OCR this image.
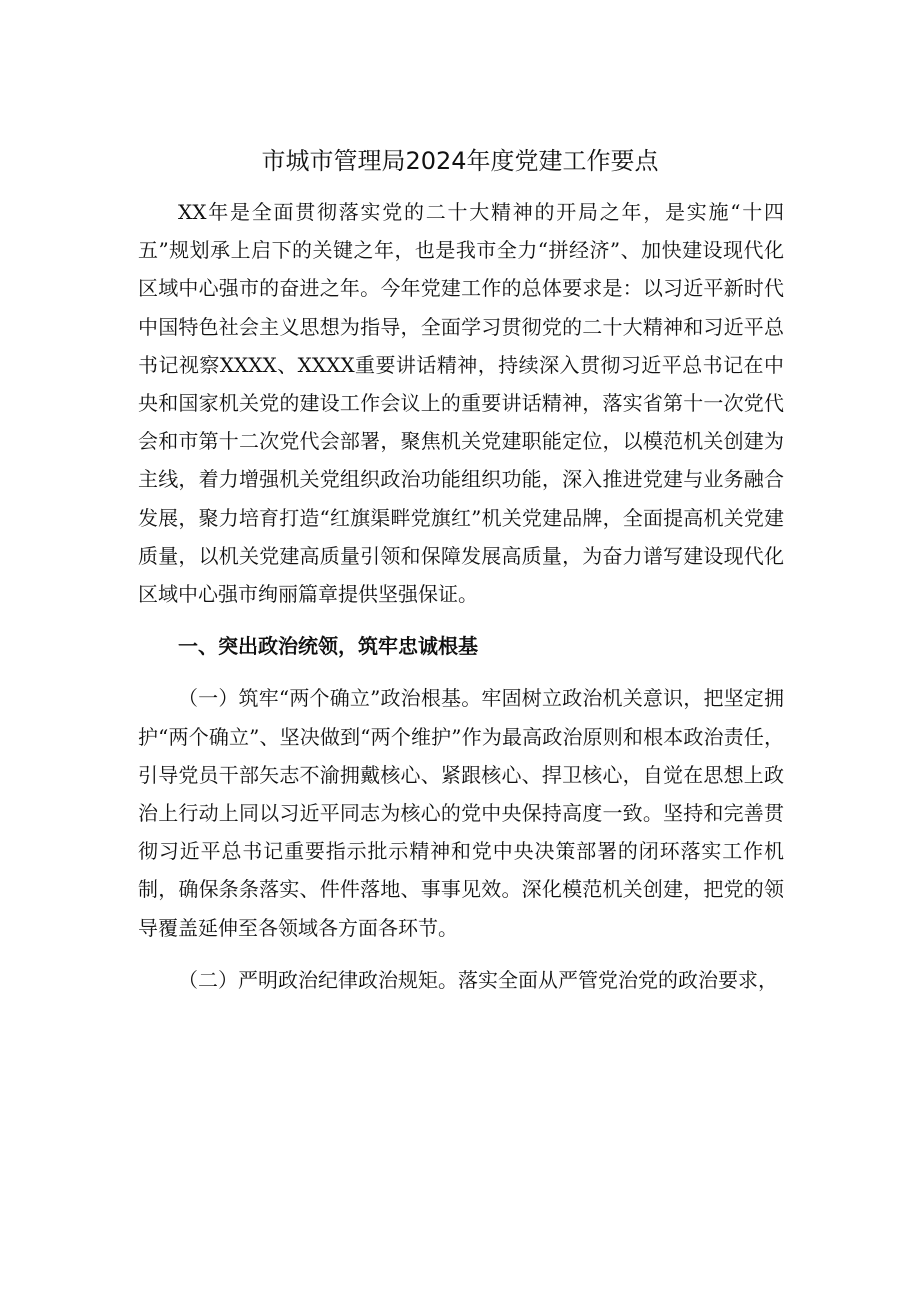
市城市管理局2024年度党建工作要点

XX年是全面贯彻落实党的二十大精神的开局之年，是实施“十四五”规划承上启下的关键之年，也是我市全力“拼经济”、加快建设现代化区域中心强市的奋进之年。今年党建工作的总体要求是：以习近平新时代中国特色社会主义思想为指导，全面学习贯彻党的二十大精神和习近平总书记视察XXXX、XXXX重要讲话精神，持续深入贯彻习近平总书记在中央和国家机关党的建设工作会议上的重要讲话精神，落实省第十一次党代会和市第十二次党代会部署，聚焦机关党建职能定位，以模范机关创建为主线，着力增强机关党组织政治功能组织功能，深入推进党建与业务融合发展，聚力培育打造“红旗渠畔党旗红”机关党建品牌，全面提高机关党建质量，以机关党建高质量引领和保障发展高质量，为奋力谱写建设现代化区域中心强市绚丽篇章提供坚强保证。

一、突出政治统领，筑牢忠诚根基

（一）筑牢“两个确立”政治根基。牢固树立政治机关意识，把坚定拥护“两个确立”、坚决做到“两个维护”作为最高政治原则和根本政治责任，引导党员干部矢志不渝拥戴核心、紧跟核心、捍卫核心，自觉在思想上政治上行动上同以习近平同志为核心的党中央保持高度一致。坚持和完善贯彻习近平总书记重要指示批示精神和党中央决策部署的闭环落实工作机制，确保条条落实、件件落地、事事见效。深化模范机关创建，把党的领导覆盖延伸至各领域各方面各环节。

（二）严明政治纪律政治规矩。落实全面从严管党治党的政治要求，
